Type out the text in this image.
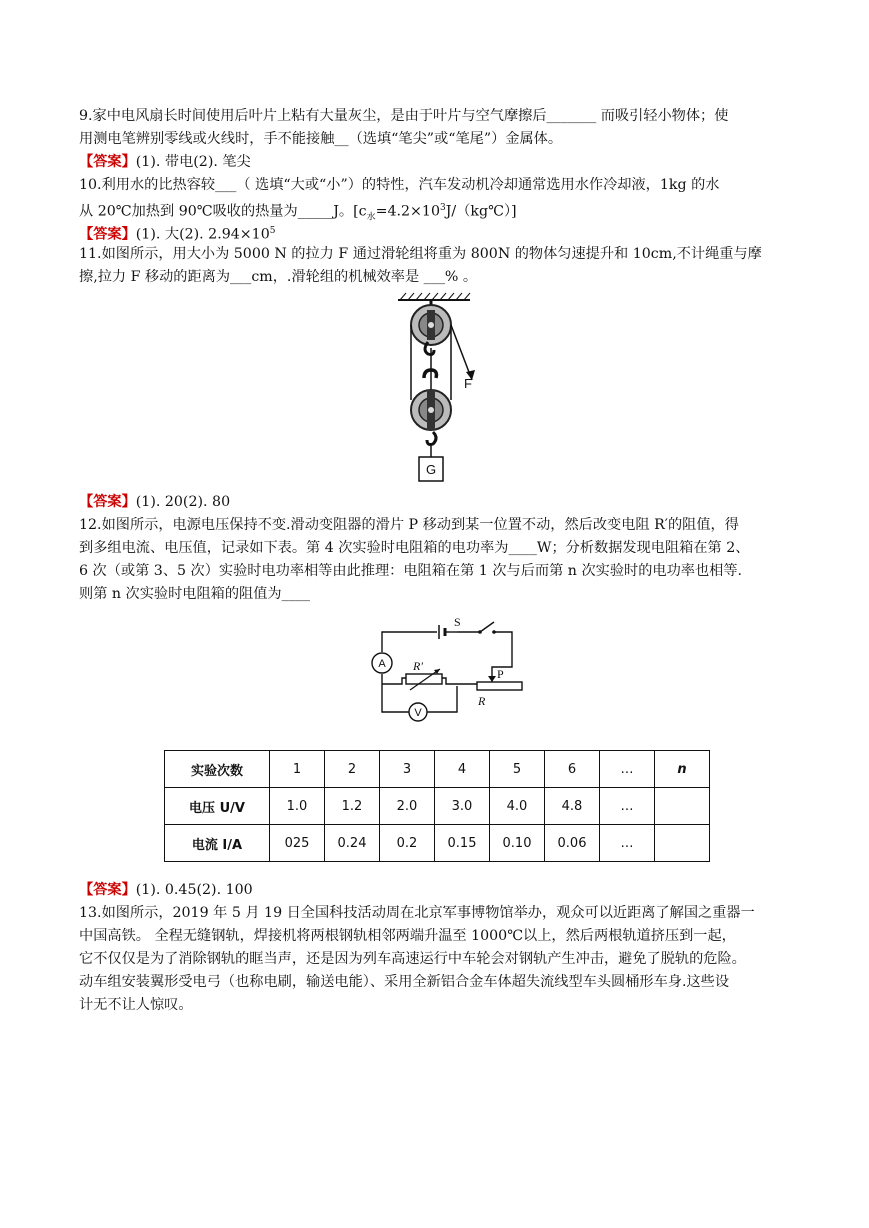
9.家中电风扇长时间使用后叶片上粘有大量灰尘，是由于叶片与空气摩擦后_______ 而吸引轻小物体；使
用测电笔辨别零线或火线时，手不能接触__（选填“笔尖”或“笔尾”）金属体。
【答案】(1). 带电(2). 笔尖
10.利用水的比热容较___（ 选填“大或“小”）的特性，汽车发动机冷却通常选用水作冷却液，1kg 的水
从 20℃加热到 90℃吸收的热量为_____J。$[c_水=4.2\times 10^3J/(kg℃)]$
【答案】(1). 大(2). $2.94\times 10^5$
11.如图所示，用大小为 5000 N 的拉力 F 通过滑轮组将重为 800N 的物体匀速提升和 10cm,不计绳重与摩
擦,拉力 F 移动的距离为___cm，.滑轮组的机械效率是 ___% 。
F
G
【答案】(1). 20(2). 80
12.如图所示，电源电压保持不变.滑动变阻器的滑片 P 移动到某一位置不动，然后改变电阻 R′的阻值，得
到多组电流、电压值，记录如下表。第 4 次实验时电阻箱的电功率为____W；分析数据发现电阻箱在第 2、
6 次（或第 3、5 次）实验时电功率相等由此推理：电阻箱在第 1 次与后而第 n 次实验时的电功率也相等.
则第 n 次实验时电阻箱的阻值为____
S
A R′
V
P
R
实验次数	1	2	3	4	5	6	…	n
电压 U/V	1.0	1.2	2.0	3.0	4.0	4.8	…	
电流 I/A	025	0.24	0.2	0.15	0.10	0.06	…	
【答案】(1). 0.45(2). 100
13.如图所示，2019 年 5 月 19 日全国科技活动周在北京军事博物馆举办，观众可以近距离了解国之重器一
中国高铁。 全程无缝钢轨，焊接机将两根钢轨相邻两端升温至 1000℃以上，然后两根轨道挤压到一起，
它不仅仅是为了消除钢轨的眶当声，还是因为列车高速运行中车轮会对钢轨产生冲击，避免了脱轨的危险。
动车组安装翼形受电弓（也称电刷，输送电能）、采用全新铝合金车体超失流线型车头圆桶形车身.这些设
计无不让人惊叹。
